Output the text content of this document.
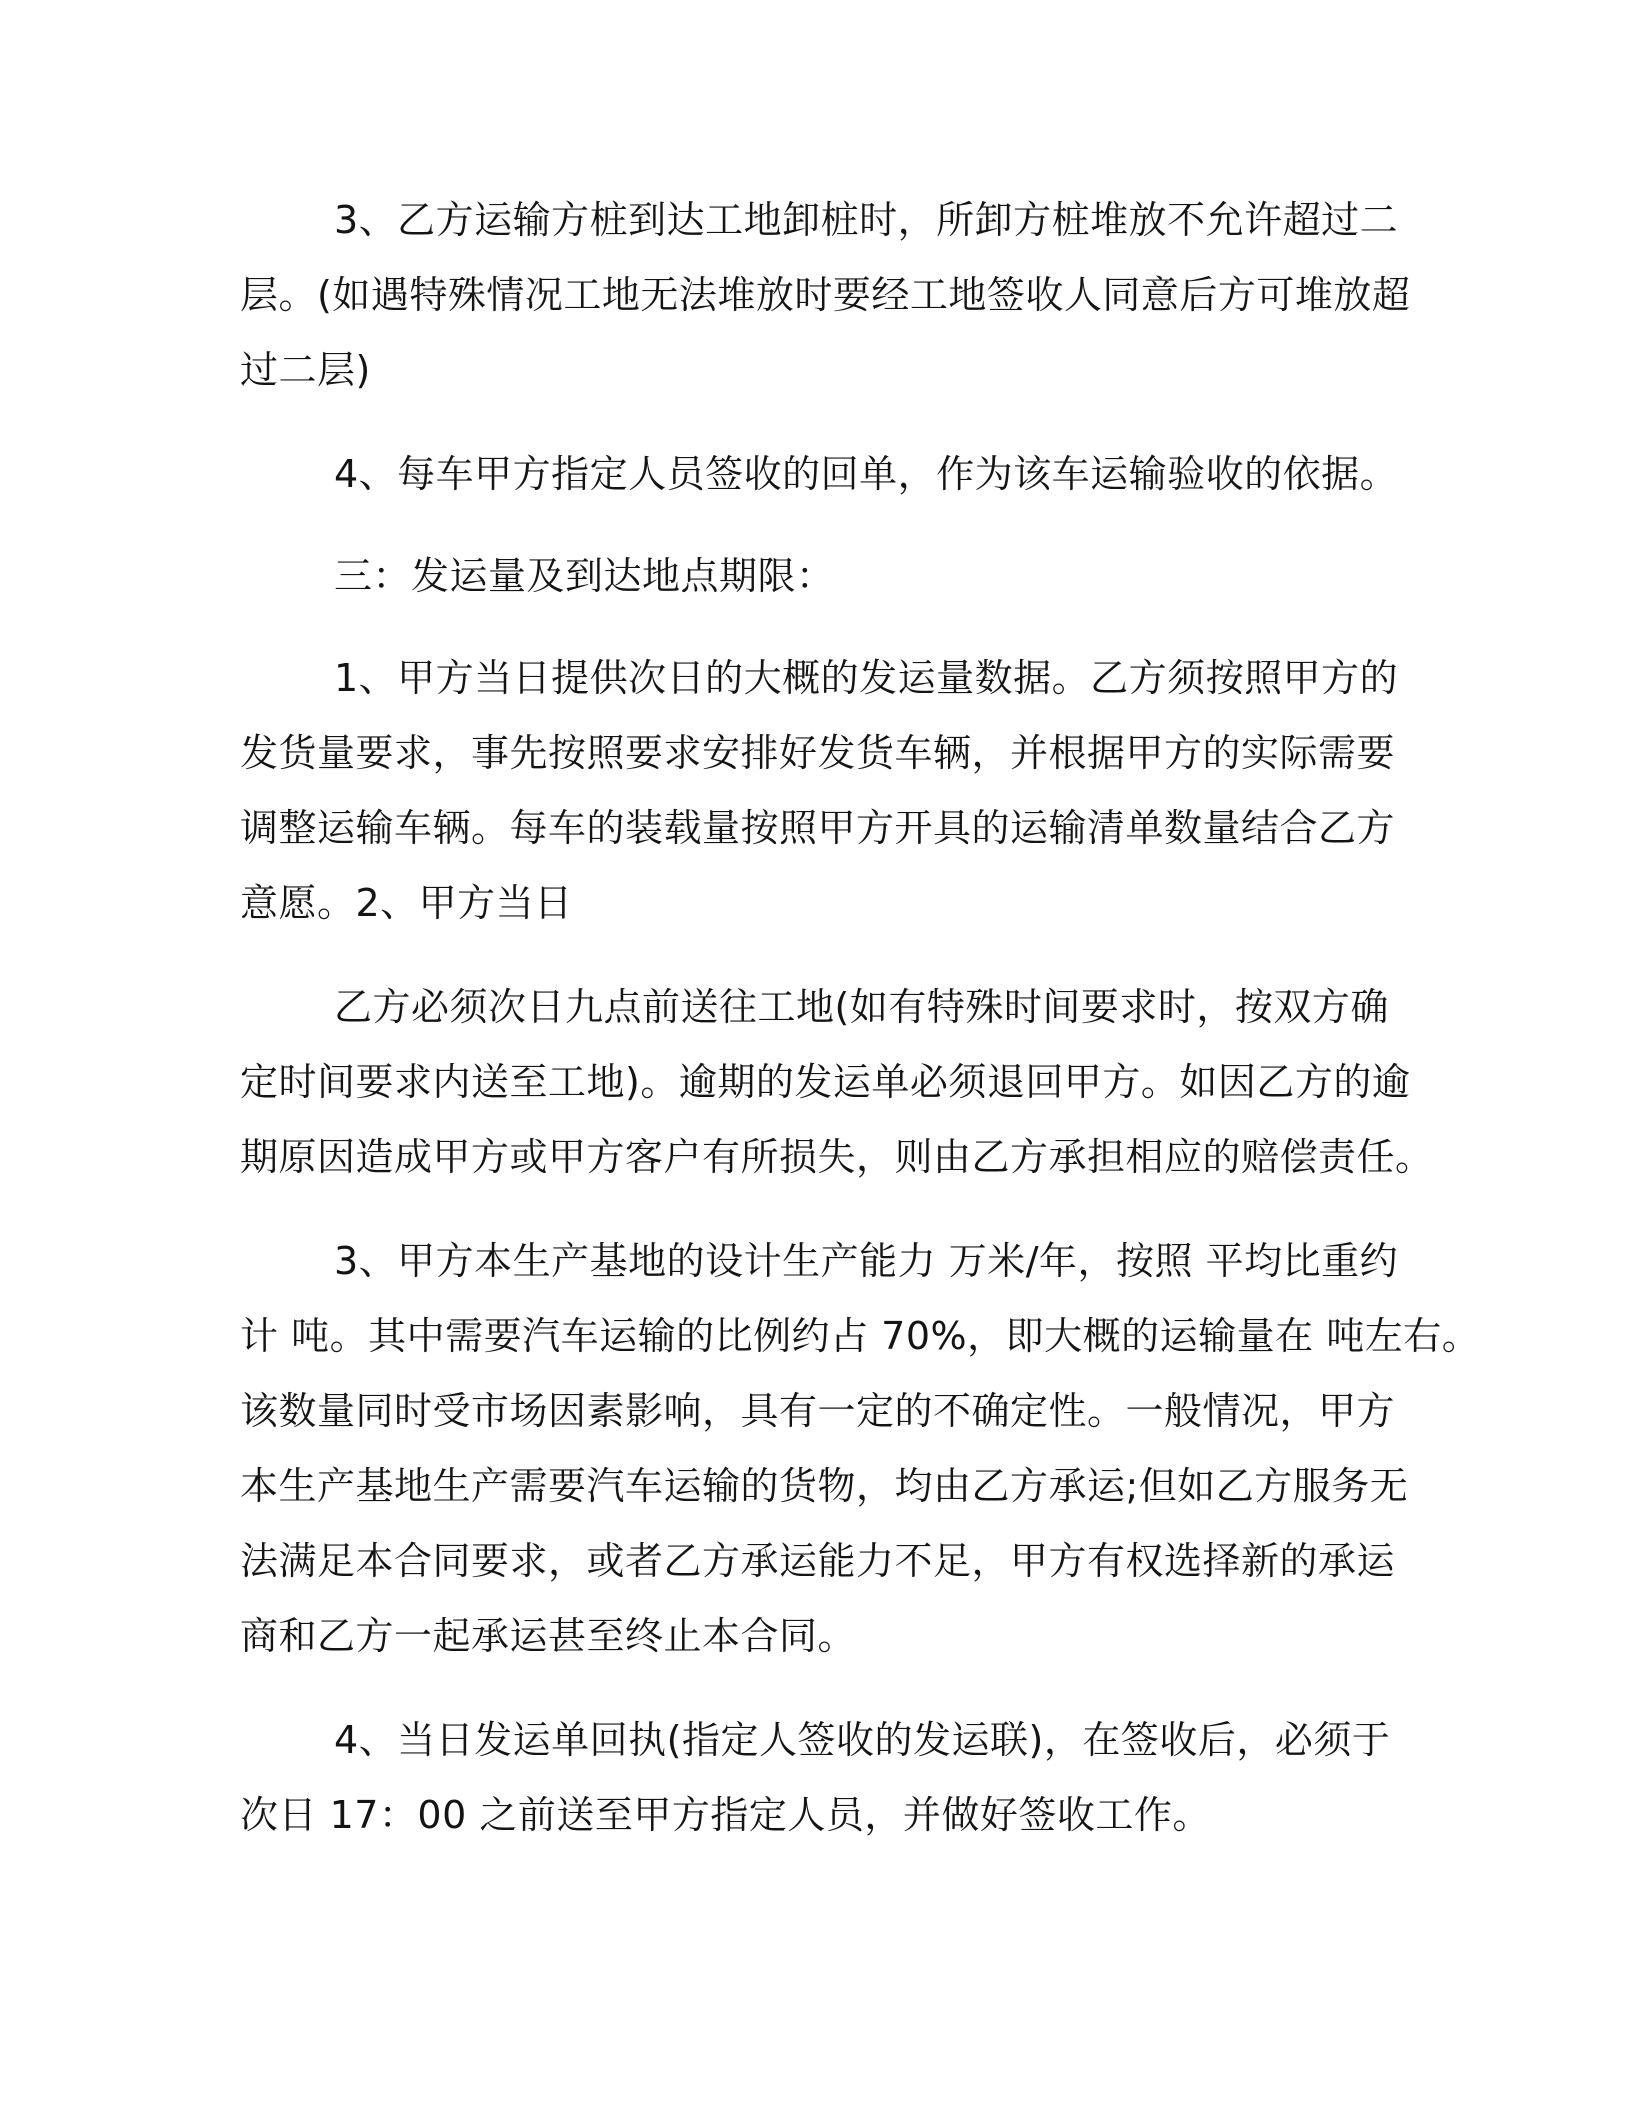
3、乙方运输方桩到达工地卸桩时，所卸方桩堆放不允许超过二
层。(如遇特殊情况工地无法堆放时要经工地签收人同意后方可堆放超
过二层)
4、每车甲方指定人员签收的回单，作为该车运输验收的依据。
三：发运量及到达地点期限：
1、甲方当日提供次日的大概的发运量数据。乙方须按照甲方的
发货量要求，事先按照要求安排好发货车辆，并根据甲方的实际需要
调整运输车辆。每车的装载量按照甲方开具的运输清单数量结合乙方
意愿。2、甲方当日
乙方必须次日九点前送往工地(如有特殊时间要求时，按双方确
定时间要求内送至工地)。逾期的发运单必须退回甲方。如因乙方的逾
期原因造成甲方或甲方客户有所损失，则由乙方承担相应的赔偿责任。
3、甲方本生产基地的设计生产能力 万米/年，按照 平均比重约
计 吨。其中需要汽车运输的比例约占 70%，即大概的运输量在 吨左右。
该数量同时受市场因素影响，具有一定的不确定性。一般情况，甲方
本生产基地生产需要汽车运输的货物，均由乙方承运;但如乙方服务无
法满足本合同要求，或者乙方承运能力不足，甲方有权选择新的承运
商和乙方一起承运甚至终止本合同。
4、当日发运单回执(指定人签收的发运联)，在签收后，必须于
次日 17：00 之前送至甲方指定人员，并做好签收工作。
